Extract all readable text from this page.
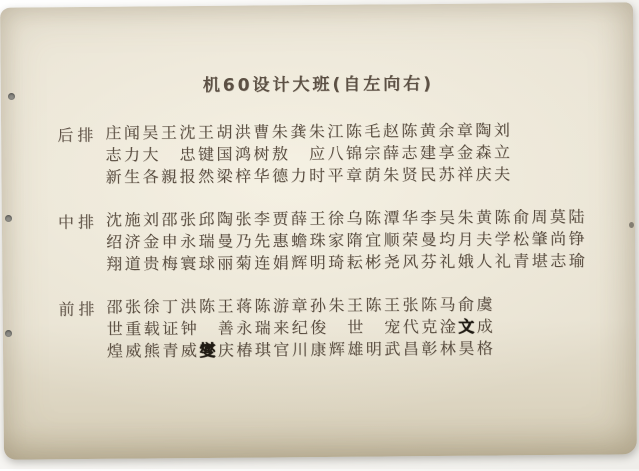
机60设计大班(自左向右)
后排 庄闻吴王沈王胡洪曹朱龚朱江陈毛赵陈黄余章陶刘
志力大　忠键国鸿树敖　应八锦宗薛志建享金森立
新生各親报然梁梓华德力时平章荫朱贤民苏祥庆夫
中排 沈施刘邵张邱陶张李贾薛王徐乌陈潭华李吴朱黄陈俞周莫陆
绍济金申永瑞曼乃先惠蟾珠家隋宜顺荣曼均月夫学松肇尚铮
翔道贵梅寰球丽菊连娟辉明琦耘彬尧风芬礼娥人礼青堪志瑜
前排 邵张徐丁洪陈王蒋陈游章孙朱王陈王张陈马俞虞
世重载证钟　善永瑞来纪俊　世　宠代克淦文成
煌威熊青威燮庆椿琪官川康辉雄明武昌彰林昊格
